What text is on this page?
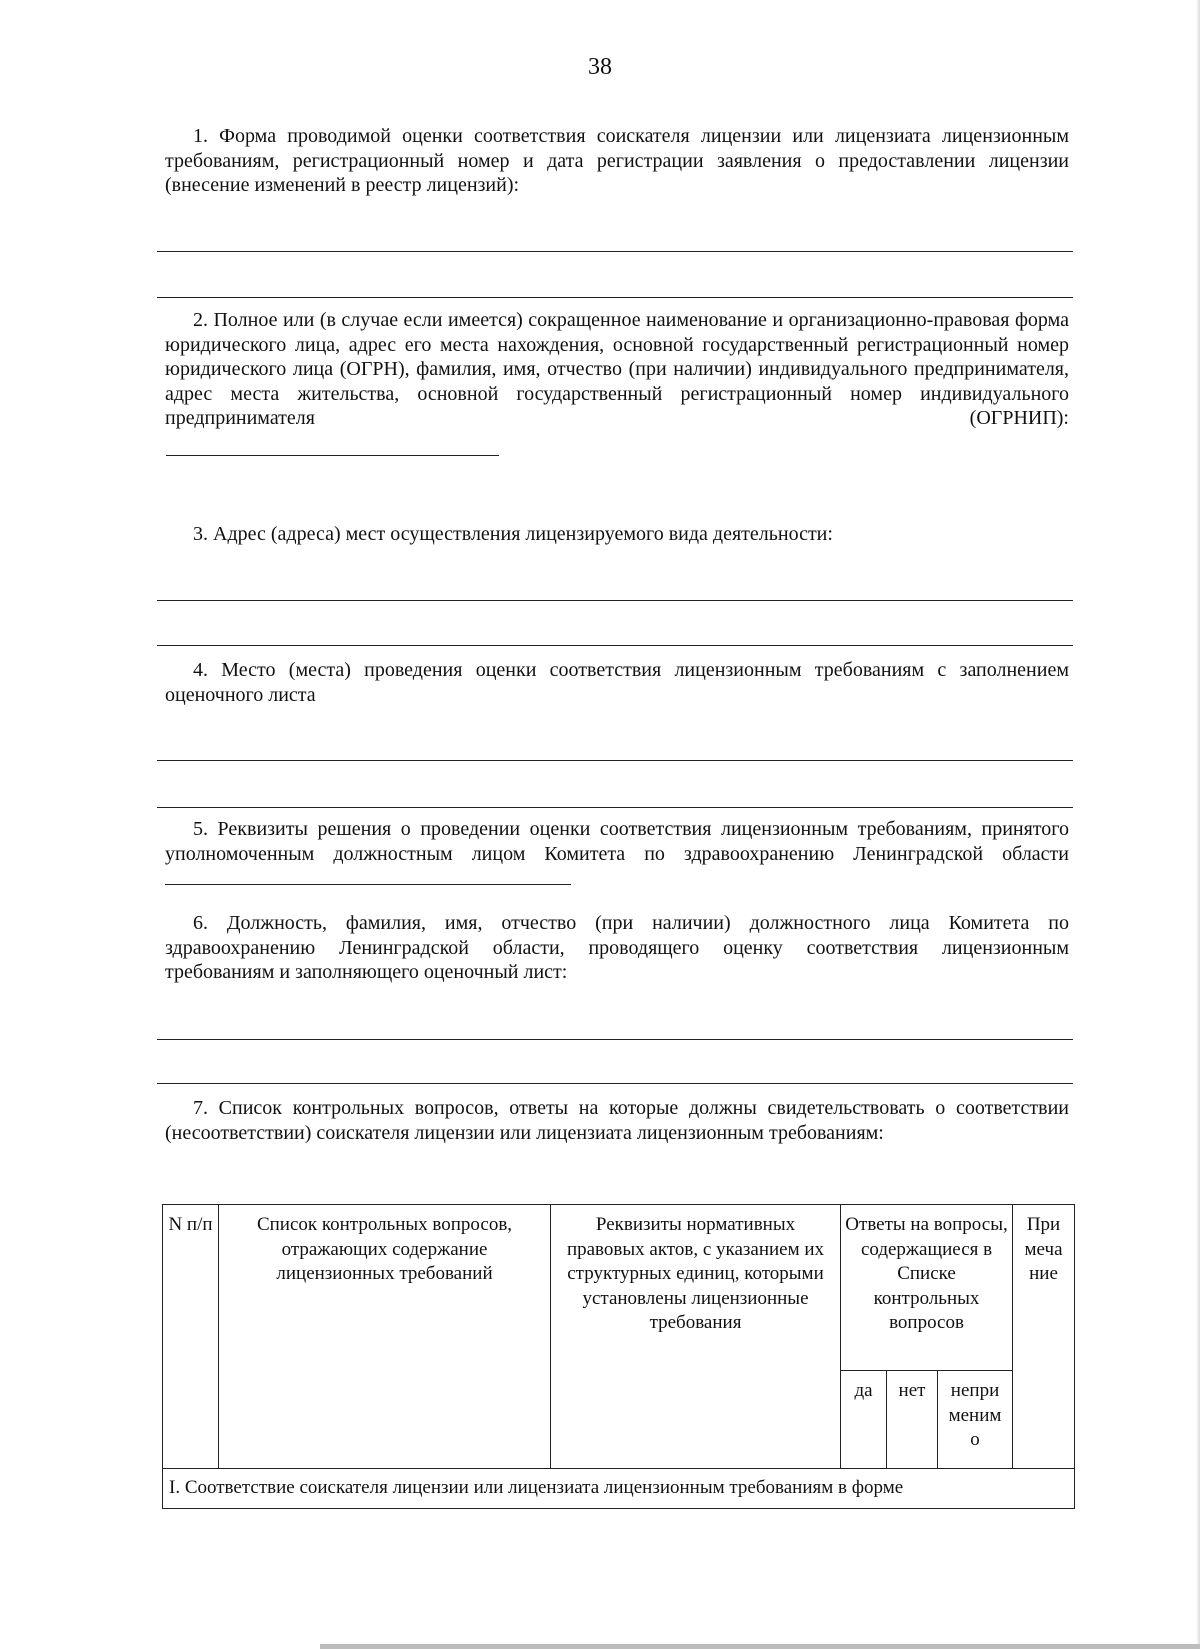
38
1. Форма проводимой оценки соответствия соискателя лицензии или лицензиата лицензионным требованиям, регистрационный номер и дата регистрации заявления о предоставлении лицензии (внесение изменений в реестр лицензий):
2. Полное или (в случае если имеется) сокращенное наименование и организационно-правовая форма юридического лица, адрес его места нахождения, основной государственный регистрационный номер юридического лица (ОГРН), фамилия, имя, отчество (при наличии) индивидуального предпринимателя, адрес места жительства, основной государственный регистрационный номер индивидуального предпринимателя (ОГРНИП):
3. Адрес (адреса) мест осуществления лицензируемого вида деятельности:
4. Место (места) проведения оценки соответствия лицензионным требованиям с заполнением оценочного листа
5. Реквизиты решения о проведении оценки соответствия лицензионным требованиям, принятого уполномоченным должностным лицом Комитета по здравоохранению Ленинградской области
6. Должность, фамилия, имя, отчество (при наличии) должностного лица Комитета по здравоохранению Ленинградской области, проводящего оценку соответствия лицензионным требованиям и заполняющего оценочный лист:
7. Список контрольных вопросов, ответы на которые должны свидетельствовать о соответствии (несоответствии) соискателя лицензии или лицензиата лицензионным требованиям:
N п/п	Список контрольных вопросов, отражающих содержание лицензионных требований	Реквизиты нормативных правовых актов, с указанием их структурных единиц, которыми установлены лицензионные требования	Ответы на вопросы, содержащиеся в Списке контрольных вопросов			При меча ние
			да	нет	непри меним о	
I. Соответствие соискателя лицензии или лицензиата лицензионным требованиям в форме						
